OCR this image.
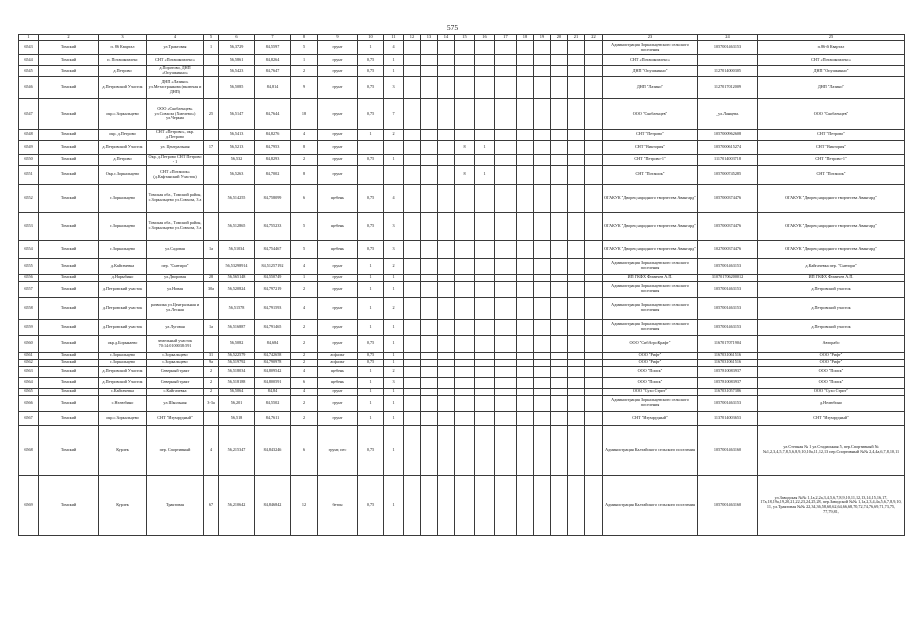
575
1	2	3	4	5	6	7	8	9	10	11	12	13	14	15	16	17	18	19	20	21	22	23	24	25
6543	Томский	п. 86 Квартал	ул.Трактовая	1	56,3729	84,5597	5	грунт	1	4												Администрация Зоркальцевского сельского поселения	1057001463153	п.86-й Квартал
6544	Томский	п. Поташкомлекс	СНТ «Поташкомлекс»		56,5861	84,8264	1	грунт	0,75	1												СНТ «Поташкомлекс»		СНТ «Поташкомлекс»
6545	Томский	д.Петрово	д.Поротово, ДНП «Опушкинно»		56,5423	84,7647	2	грунт	0,75	1												ДНП "Опушкинно"	1127014000305	ДНП "Опушкинно"
6546	Томский	д.Петровский Участок	ДНП «Лазино» ул.Метастранкова (включая и ДНП)		56,5085	84,814	9	грунт	0,75	3												ДНП "Лазино"	1127017012009	ДНП "Лазино"
6547	Томский	окр.с.Зоркальцево	ООО «Скобленцев» ул.Совхоза (Хмелево») ул.Черкиа	25	56,5147	84,7644	18	грунт	0,75	7												ООО "Скобленцев"	_ул.Ланцева.	ООО "Скобленцев"
6548	Томский	окр. д.Петрово	СНТ «Петрово», окр. д.Петрово		56,5413	84,8276	4	грунт	1	2												СНТ "Петрово"	1057000962608	СНТ "Петрово"
6549	Томский	д.Петровский Участок	ул. Центральная	17	56,5213	84,7953	8	грунт						8	1							СНТ "Виктория"	1057000615274	СНТ "Виктория"
6550	Томский	д.Петрово	Окр. д.Петрово СНТ Петрово - 1		56,532	84,8293	2	грунт	0,75	1												СНТ "Петрово-1"	1117014003718	СНТ "Петрово-1"
6551	Томский	Окр.с.Зоркальцево	СНТ «Поташок» (д.Кафтанский Участок)		56,5263	84,7002	8	грунт						8	1							СНТ "Поташок"	1057000745285	СНТ "Поташок"
6552	Томский	с.Зоркальцево	Томская обл., Томский район, с.Зоркальцево ул.Совхоза, 3 а		56,514255	84,758099	6	щебень	0,75	4												ОГАКУК "Дворец народного творчества Авангард"	1057000374476	ОГАКУК "Дворец народного творчества Авангард"
6553	Томский	с.Зоркальцево	Томская обл., Томский район, с.Зоркальцево ул.Совхоза, 3 а		56,512865	84,755233	5	щебень	0,75	3												ОГАКУК "Дворец народного творчества Авангард"	1057000374476	ОГАКУК "Дворец народного творчества Авангард"
6554	Томский	с.Зоркальцево	ул.Садовая	1а	56,51034	84,754467	5	щебень	0,75	3												ОГАКУК "Дворец народного творчества Авангард"	1027000374476	ОГАКУК "Дворец народного творчества Авангард"
6555	Томский	д.Кайгачевка	пер. "Снегири"		56,53298914	84,51257192	4	грунт	1	2												Администрация Зоркальцевского сельского поселения	1057001463153	д.Кайгачевка пер. "Снегири"
6556	Томский	д.Нарыбино	ул.Дворовая	28	56,565148	84,550749	1	грунт	1	1												ИП ГКФХ Фомичев А.П.	310701706200012	ИП ГКФХ Фомичев А.П.
6557	Томский	д.Петровский участок	ул.Новая	30а	56,520824	84,797219	2	грунт	1	1												Администрация Зоркальцевского сельского поселения	1057001463153	д.Петровский участок
6558	Томский	д.Петровский участок	развилка ул.Центральная и ул.Лесная		56,51578	84,791593	4	грунт	1	2												Администрация Зоркальцевского сельского поселения	1057001463153	д.Петровский участок
6559	Томский	д.Петровский участок	ул.Луговая	1а	56,516887	84,791465	2	грунт	1	1												Администрация Зоркальцевского сельского поселения	1057001463153	д.Петровский участок
6560	Томский	окр.д.Борыкаево	земельный участок 70:14:0100038:591		56,5082	84,684	2	грунт	0,75	1												ООО "СибАгроКрафт"	1167017071904	Авторабо
6561	Томский	с.Зоркальцево	с.Зоркальцево	31	56,522579	84,742658	2	асфальт	0,75	1												ООО "Рифт"	1167031061516	ООО "Рифт"
6562	Томский	с.Зоркальцево	с.Зоркальцево	9а	56,519792	84,790978	2	асфальт	0,75	1												ООО "Рифт"	1167031061516	ООО "Рифт"
6563	Томский	д.Петровский Участок	Северный тракт	2	56,518034	84,809542	4	щебень	1	2												ООО "Поиск"	1057810083937	ООО "Поиск"
6564	Томский	д.Петровский Участок	Северный тракт	2	56,518188	84,800591	6	щебень	1	3												ООО "Поиск"	1057810083937	ООО "Поиск"
6565	Томский	с.Кайгачевка	с.Кайгачевка	2	56,5064	84,84	4	грунт	1	1												ООО "Сухо Стрит"	1167031057386	ООО "Сухо Стрит"
6566	Томский	с.Нелюбино	ул.Школьная	3-3а	56,201	84,5502	2	грунт	1	1												Администрация Зоркальцевского сельского поселения	1057001463153	д.Нелюбино
6567	Томский	окр.с.Зоркальцево	СНТ "Изумрудный"		56,518	84,7611	2	грунт	1	1												СНТ "Изумрудный"	1137014003653	СНТ "Изумрудный"
6568	Томский	Курлек	пер. Спортивный	4	56,215347	84,843246	6	грунт, пес	0,75	1												Администрация Калтайского сельского поселения	1057001463160	ул.Степная № 1 ул.Стадионная 5, пер.Спортивный №№1,2,3,4,5,7,8,5,6,8,9,10,10а,11,12,13 пер.Спортивный №№ 2,4,4а,6,7,8,10,11
6569	Томский	Курлек	Трактовая	67	56,210642	84,846842	12	бетон	0,75	1												Администрация Калтайского сельского поселения	1057001463160	ул.Заводская №№ 1,1а,2,2а,3,4,5,6,7,8,9,10,11,12,13,14,15,16,17, 17а,18,19а,19,20,21,22,23,24,25,28, пер.Заводской №№ 1,1а,2,3,4,4а,5,6,7,8,9,10, 11, ул.Трактовая №№ 22,34,36,58,60,62,64,66,68,70,72,74,76,69,71,73,75, 77,79,81,
